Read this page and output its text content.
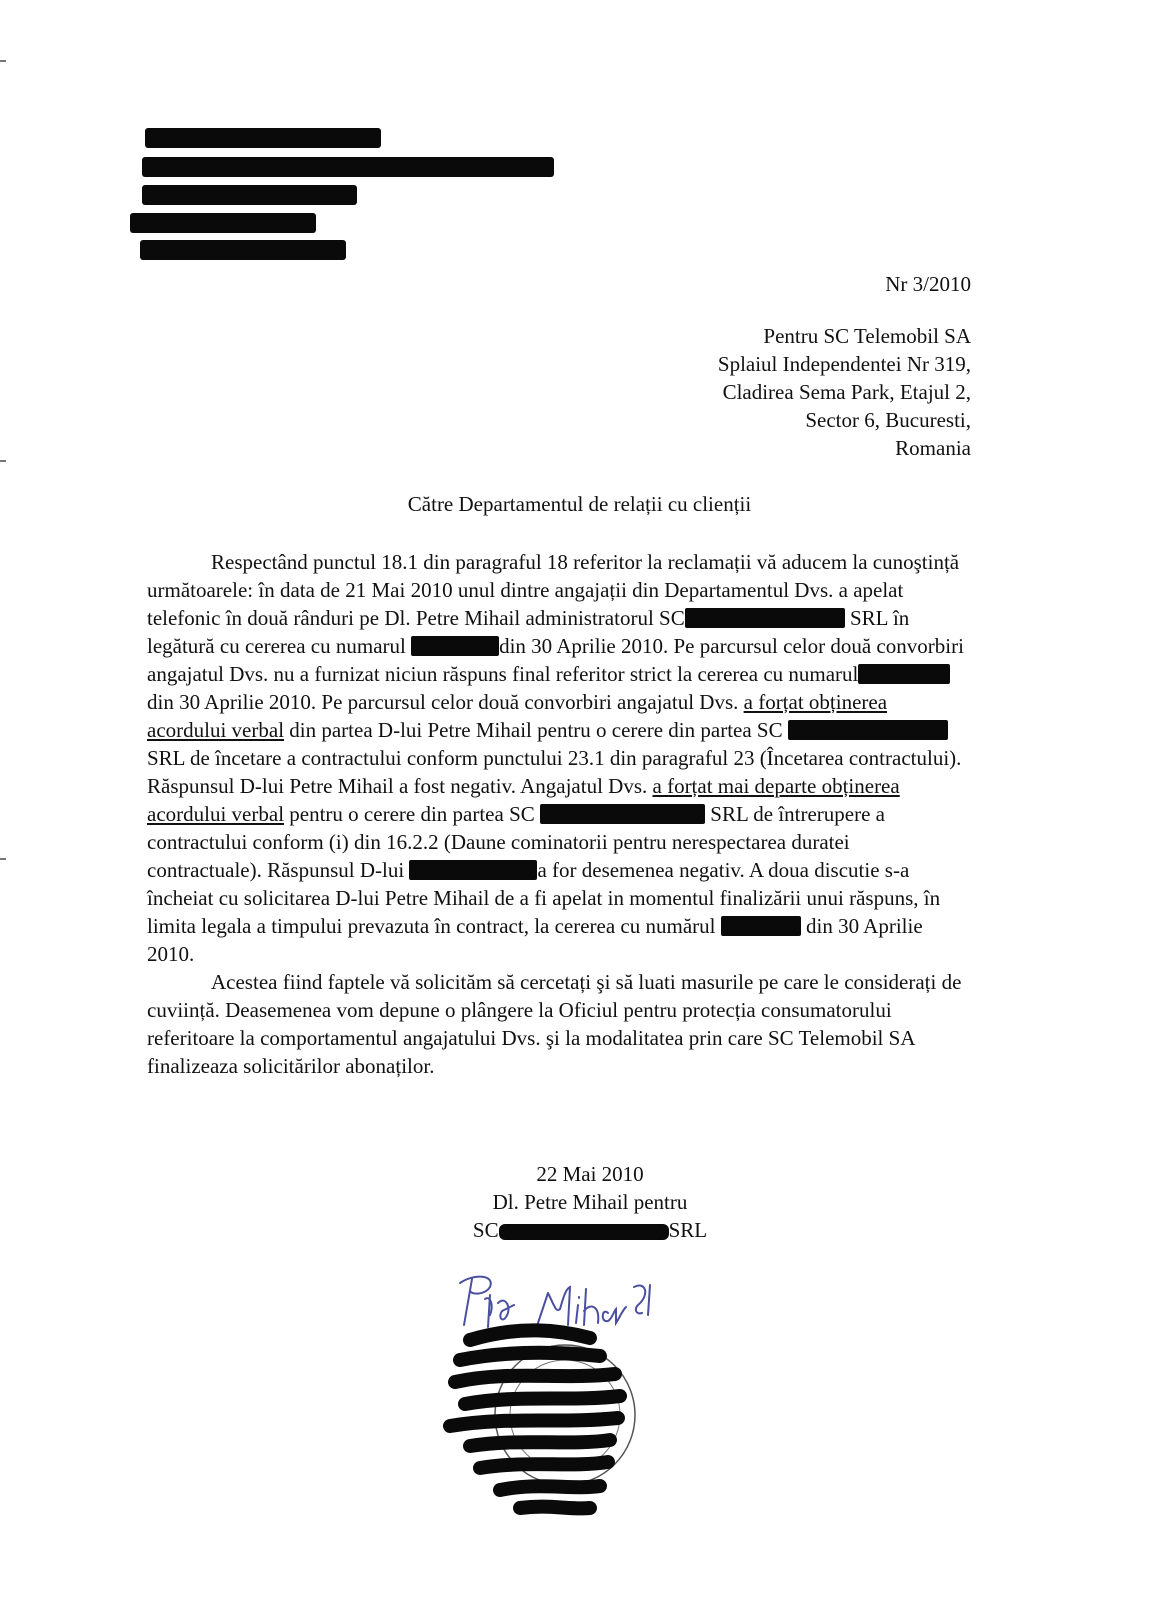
Nr 3/2010
Pentru SC Telemobil SA
Splaiul Independentei Nr 319,
Cladirea Sema Park, Etajul 2,
Sector 6, Bucuresti,
Romania
Către Departamentul de relații cu clienții

Respectând punctul 18.1 din paragraful 18 referitor la reclamații vă aducem la cunoştință următoarele: în data de 21 Mai 2010 unul dintre angajații din Departamentul Dvs. a apelat telefonic în două rânduri pe Dl. Petre Mihail administratorul SC	SRL în legătură cu cererea cu numarul	din 30 Aprilie 2010. Pe parcursul celor două convorbiri angajatul Dvs. nu a furnizat niciun răspuns final referitor strict la cererea cu numaruldin 30 Aprilie 2010. Pe parcursul celor două convorbiri angajatul Dvs. a forțat obținerea acordului verbal din partea D-lui Petre Mihail pentru o cerere din partea SC SRL de încetare a contractului conform punctului 23.1 din paragraful 23 (Încetarea contractului). Răspunsul D-lui Petre Mihail a fost negativ. Angajatul Dvs. a forțat mai departe obținerea acordului verbal pentru o cerere din partea SC	SRL de întrerupere a contractului conform (i) din 16.2.2 (Daune cominatorii pentru nerespectarea duratei contractuale). Răspunsul D-lui	a for desemenea negativ. A doua discutie s-a încheiat cu solicitarea D-lui Petre Mihail de a fi apelat in momentul finalizării unui răspuns, în limita legala a timpului prevazuta în contract, la cererea cu numărul	din 30 Aprilie 2010.

Acestea fiind faptele vă solicităm să cercetați şi să luati masurile pe care le considerați de cuviință. Deasemenea vom depune o plângere la Oficiul pentru protecția consumatorului referitoare la comportamentul angajatului Dvs. şi la modalitatea prin care SC Telemobil SA finalizeaza solicitărilor abonaților.

22 Mai 2010
Dl. Petre Mihail pentru
SC	SRL
